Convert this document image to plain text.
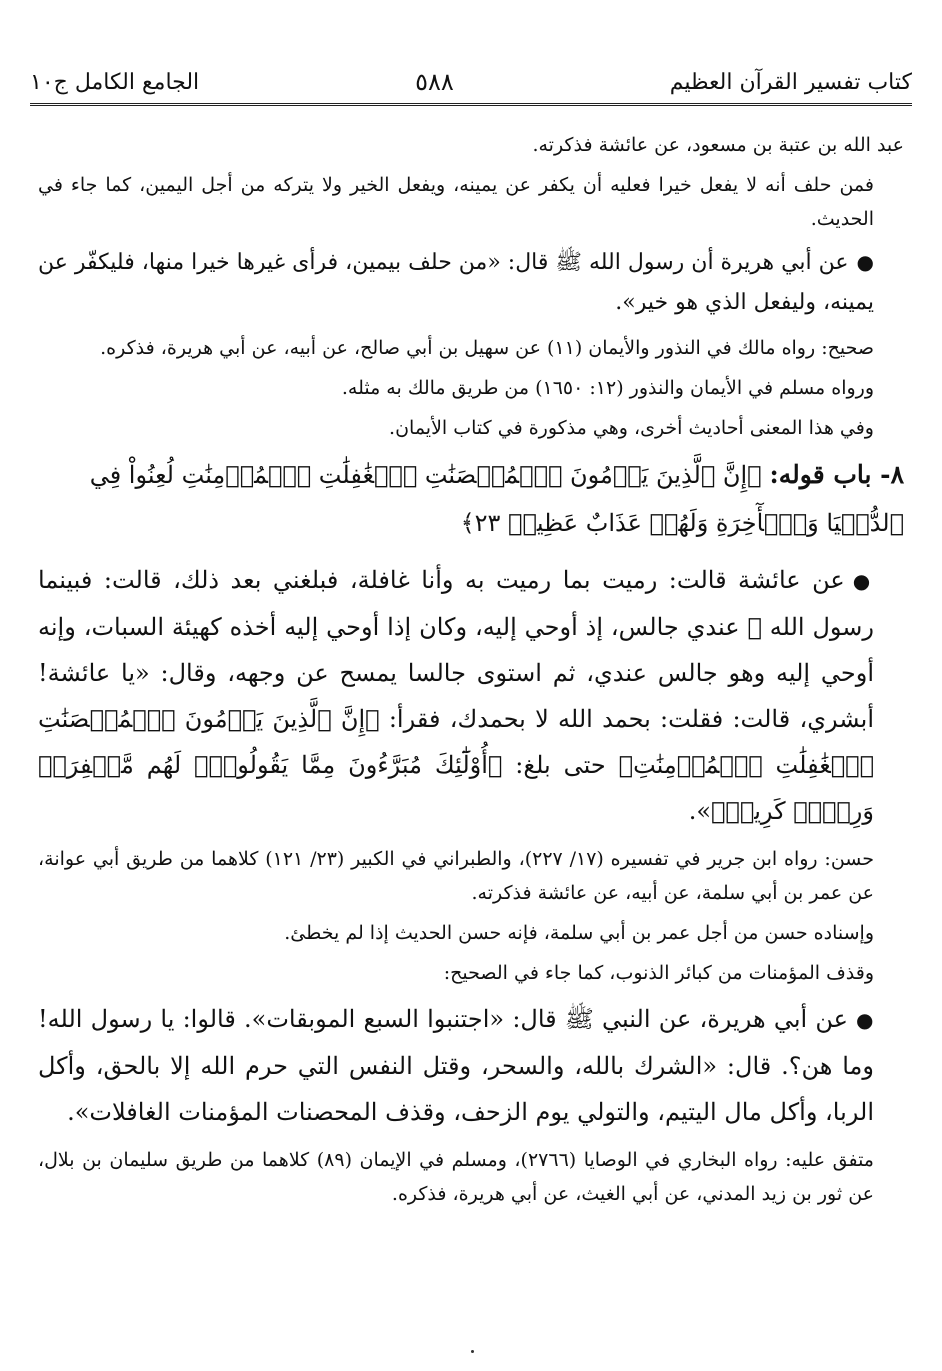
كتاب تفسير القرآن العظيم
٥٨٨
الجامع الكامل ج١٠

عبد الله بن عتبة بن مسعود، عن عائشة فذكرته.

فمن حلف أنه لا يفعل خيرا فعليه أن يكفر عن يمينه، ويفعل الخير ولا يتركه من أجل اليمين، كما جاء في الحديث.

●عن أبي هريرة أن رسول الله ﷺ قال: «من حلف بيمين، فرأى غيرها خيرا منها، فليكفّر عن يمينه، وليفعل الذي هو خير».

صحيح: رواه مالك في النذور والأيمان (١١) عن سهيل بن أبي صالح، عن أبيه، عن أبي هريرة، فذكره.

ورواه مسلم في الأيمان والنذور (١٢: ١٦٥٠) من طريق مالك به مثله.

وفي هذا المعنى أحاديث أخرى، وهي مذكورة في كتاب الأيمان.

٨- باب قوله: ﴿إِنَّ ٱلَّذِينَ يَرۡمُونَ ٱلۡمُحۡصَنَٰتِ ٱلۡغَٰفِلَٰتِ ٱلۡمُؤۡمِنَٰتِ لُعِنُواْ فِي ٱلدُّنۡيَا وَٱلۡأٓخِرَةِ وَلَهُمۡ عَذَابٌ عَظِيمٞ ٢٣﴾

●عن عائشة قالت: رميت بما رميت به وأنا غافلة، فبلغني بعد ذلك، قالت: فبينما رسول الله ﷺ عندي جالس، إذ أوحي إليه، وكان إذا أوحي إليه أخذه كهيئة السبات، وإنه أوحي إليه وهو جالس عندي، ثم استوى جالسا يمسح عن وجهه، وقال: «يا عائشة! أبشري، قالت: فقلت: بحمد الله لا بحمدك، فقرأ: ﴿إِنَّ ٱلَّذِينَ يَرۡمُونَ ٱلۡمُحۡصَنَٰتِ ٱلۡغَٰفِلَٰتِ ٱلۡمُؤۡمِنَٰتِ﴾ حتى بلغ: ﴿أُوْلَٰٓئِكَ مُبَرَّءُونَ مِمَّا يَقُولُونَۖ لَهُم مَّغۡفِرَةٞ وَرِزۡقٞ كَرِيمٞ﴾».

حسن: رواه ابن جرير في تفسيره (١٧/ ٢٢٧)، والطبراني في الكبير (٢٣/ ١٢١) كلاهما من طريق أبي عوانة، عن عمر بن أبي سلمة، عن أبيه، عن عائشة فذكرته.

وإسناده حسن من أجل عمر بن أبي سلمة، فإنه حسن الحديث إذا لم يخطئ.

وقذف المؤمنات من كبائر الذنوب، كما جاء في الصحيح:

●عن أبي هريرة، عن النبي ﷺ قال: «اجتنبوا السبع الموبقات». قالوا: يا رسول الله! وما هن؟. قال: «الشرك بالله، والسحر، وقتل النفس التي حرم الله إلا بالحق، وأكل الربا، وأكل مال اليتيم، والتولي يوم الزحف، وقذف المحصنات المؤمنات الغافلات».

متفق عليه: رواه البخاري في الوصايا (٢٧٦٦)، ومسلم في الإيمان (٨٩) كلاهما من طريق سليمان بن بلال، عن ثور بن زيد المدني، عن أبي الغيث، عن أبي هريرة، فذكره.
